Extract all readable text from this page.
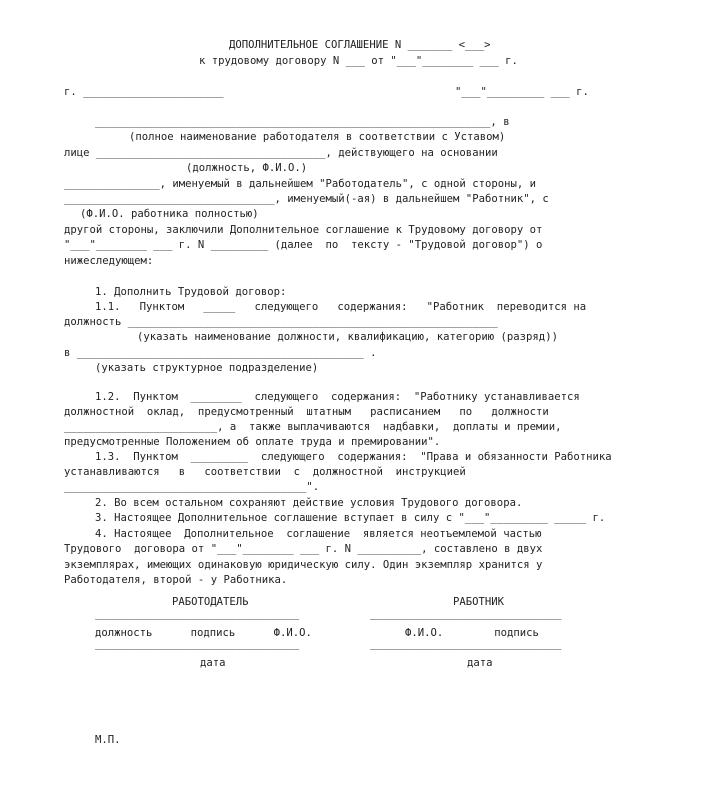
ДОПОЛНИТЕЛЬНОЕ СОГЛАШЕНИЕ N _______ <___>
к трудовому договору N ___ от "___"________ ___ г.
г. ______________________	"___"_________ ___ г.
______________________________________________________________, в
(полное наименование работодателя в соответствии с Уставом)
лице ____________________________________, действующего на основании
(должность, Ф.И.О.)
_______________, именуемый в дальнейшем "Работодатель", с одной стороны, и
_________________________________, именуемый(-ая) в дальнейшем "Работник", с
(Ф.И.О. работника полностью)
другой стороны, заключили Дополнительное соглашение к Трудовому договору от
"___"________ ___ г. N _________ (далее  по  тексту - "Трудовой договор") о
нижеследующем:
1. Дополнить Трудовой договор:
1.1.   Пунктом   _____   следующего   содержания:   "Работник  переводится на
должность __________________________________________________________
(указать наименование должности, квалификацию, категорию (разряд))
в _____________________________________________ .
(указать структурное подразделение)
1.2.  Пунктом  ________  следующего  содержания:  "Работнику устанавливается
должностной  оклад,  предусмотренный  штатным   расписанием   по   должности
________________________, а  также выплачиваются  надбавки,  доплаты и премии,
предусмотренные Положением об оплате труда и премировании".
1.3.  Пунктом  _________  следующего  содержания:  "Права и обязанности Работника
устанавливаются   в   соответствии  с  должностной  инструкцией
______________________________________".
2. Во всем остальном сохраняют действие условия Трудового договора.
3. Настоящее Дополнительное соглашение вступает в силу с "___"_________ _____ г.
4. Настоящее  Дополнительное  соглашение  является неотъемлемой частью
Трудового  договора от "___"________ ___ г. N __________, составлено в двух
экземплярах, имеющих одинаковую юридическую силу. Один экземпляр хранится у
Работодателя, второй - у Работника.
РАБОТОДАТЕЛЬ	РАБОТНИК
________________________________	______________________________
должность      подпись      Ф.И.О.	Ф.И.О.        подпись
________________________________	______________________________
дата	дата
М.П.
